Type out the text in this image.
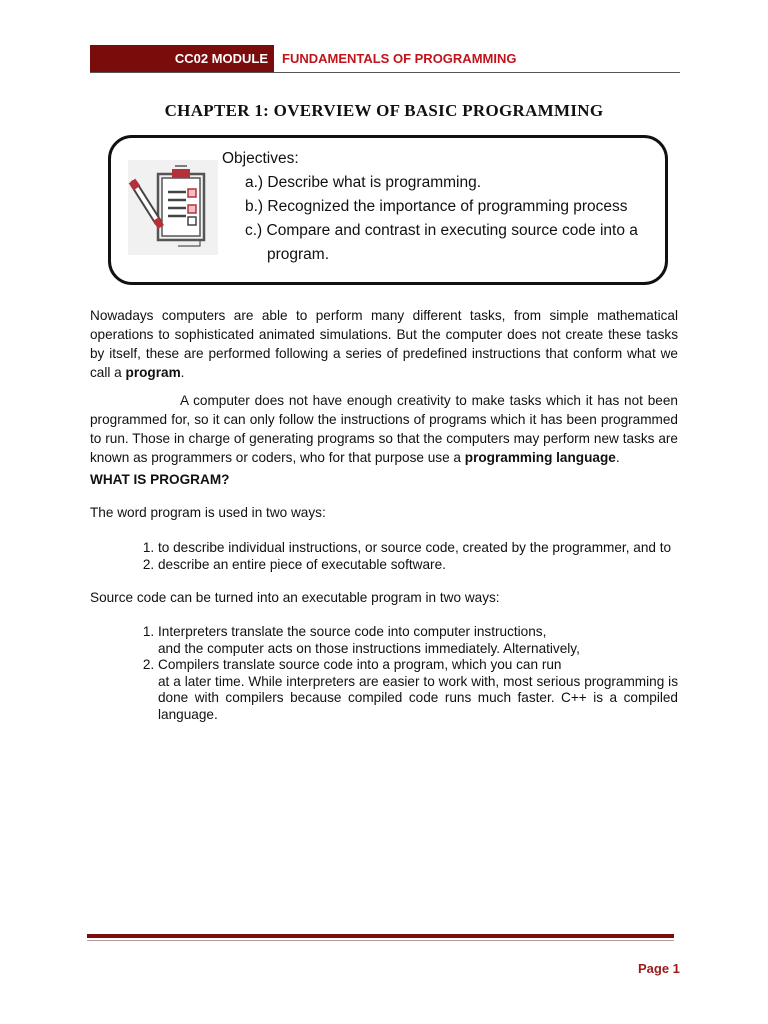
CC02 MODULE	FUNDAMENTALS OF PROGRAMMING
CHAPTER 1: OVERVIEW OF BASIC PROGRAMMING
Objectives:
a.) Describe what is programming.
b.) Recognized the importance of programming process
c.) Compare and contrast in executing source code into a
program.
Nowadays computers are able to perform many different tasks, from simple mathematical operations to sophisticated animated simulations. But the computer does not create these tasks by itself, these are performed following a series of predefined instructions that conform what we call a program.
A computer does not have enough creativity to make tasks which it has not been programmed for, so it can only follow the instructions of programs which it has been programmed to run. Those in charge of generating programs so that the computers may perform new tasks are known as programmers or coders, who for that purpose use a programming language.
WHAT IS PROGRAM?
The word program is used in two ways:
1. to describe individual instructions, or source code, created by the programmer, and to
2. describe an entire piece of executable software.
Source code can be turned into an executable program in two ways:
1. Interpreters translate the source code into computer instructions,
and the computer acts on those instructions immediately. Alternatively,
2. Compilers translate source code into a program, which you can run
at a later time. While interpreters are easier to work with, most serious programming is done with compilers because compiled code runs much faster. C++ is a compiled language.
Page 1
